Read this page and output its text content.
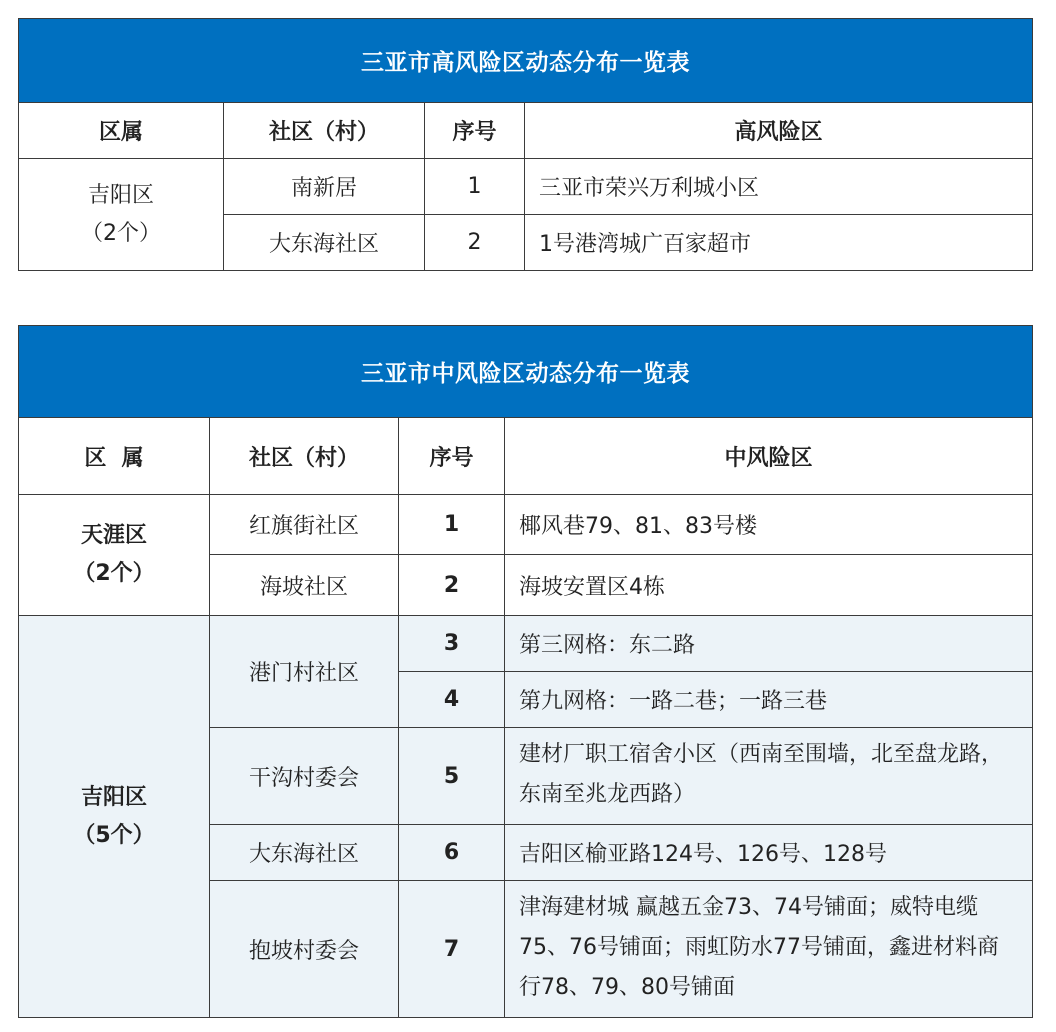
三亚市高风险区动态分布一览表			
区属	社区（村）	序号	高风险区

吉阳区
（2个）	南新居	1	三亚市荣兴万利城小区
	大东海社区	2	1号港湾城广百家超市
三亚市中风险区动态分布一览表			
区  属	社区（村）	序号	中风险区

天涯区
（2个）	红旗街社区	1	椰风巷79、81、83号楼
	海坡社区	2	海坡安置区4栋

吉阳区
（5个）	港门村社区	3	第三网格：东二路
		4	第九网格：一路二巷；一路三巷
	干沟村委会	5	建材厂职工宿舍小区（西南至围墙，北至盘龙路，东南至兆龙西路）
	大东海社区	6	吉阳区榆亚路124号、126号、128号
	抱坡村委会	7	津海建材城 赢越五金73、74号铺面；威特电缆75、76号铺面；雨虹防水77号铺面，鑫进材料商行78、79、80号铺面
